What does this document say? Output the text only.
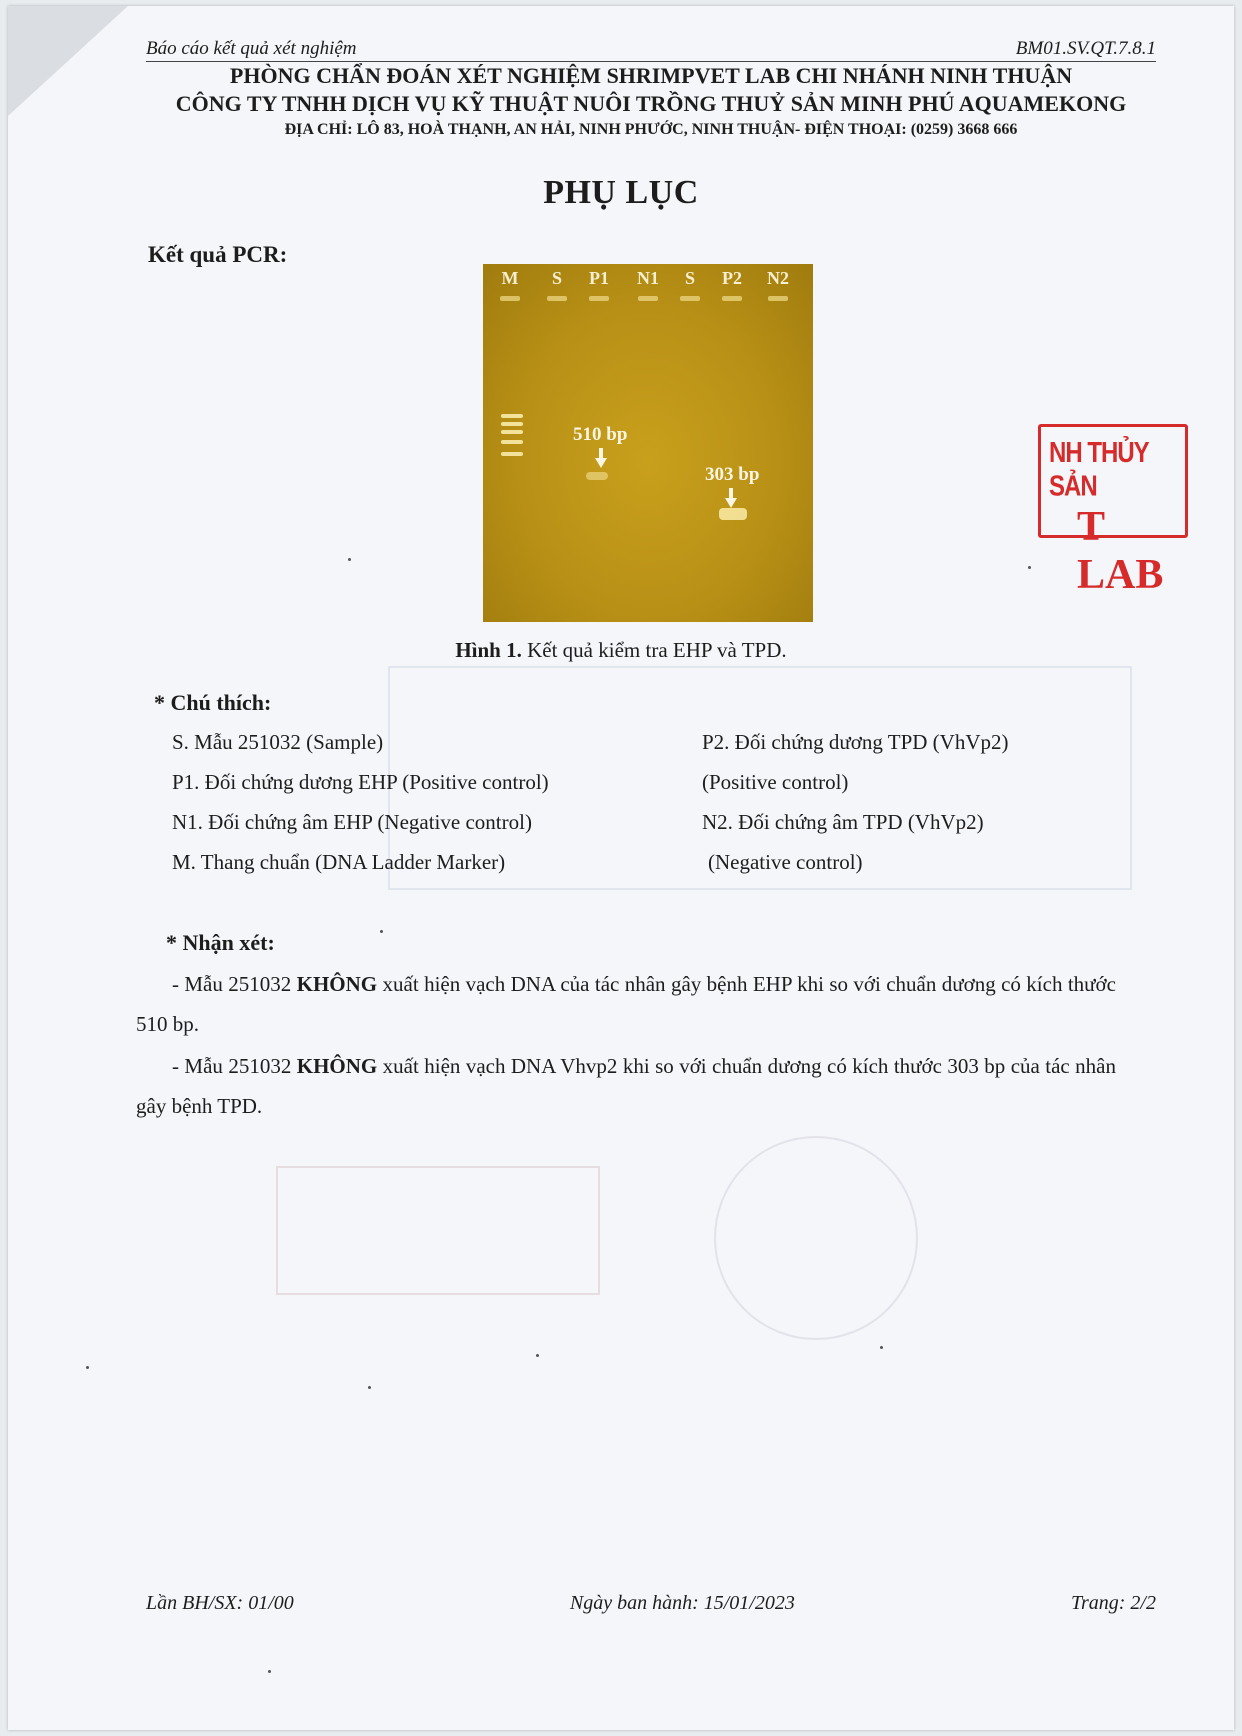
Báo cáo kết quả xét nghiệm	BM01.SV.QT.7.8.1
PHÒNG CHẨN ĐOÁN XÉT NGHIỆM SHRIMPVET LAB CHI NHÁNH NINH THUẬN
CÔNG TY TNHH DỊCH VỤ KỸ THUẬT NUÔI TRỒNG THUỶ SẢN MINH PHÚ AQUAMEKONG
ĐỊA CHỈ: LÔ 83, HOÀ THẠNH, AN HẢI, NINH PHƯỚC, NINH THUẬN- ĐIỆN THOẠI: (0259) 3668 666
PHỤ LỤC
Kết quả PCR:
M	S	P1 N1	S	P2 N2
510 bp
303 bp
Hình 1. Kết quả kiểm tra EHP và TPD.
* Chú thích:
S. Mẫu 251032 (Sample)
P1. Đối chứng dương EHP (Positive control)
N1. Đối chứng âm EHP (Negative control)
M. Thang chuẩn (DNA Ladder Marker)
P2. Đối chứng dương TPD (VhVp2)
(Positive control)
N2. Đối chứng âm TPD (VhVp2)
(Negative control)
* Nhận xét:
- Mẫu 251032 KHÔNG xuất hiện vạch DNA của tác nhân gây bệnh EHP khi so với chuẩn dương có kích thước 510 bp.
- Mẫu 251032 KHÔNG xuất hiện vạch DNA Vhvp2 khi so với chuẩn dương có kích thước 303 bp của tác nhân gây bệnh TPD.
NH THỦY SẢN
T LAB
Lần BH/SX: 01/00	Ngày ban hành: 15/01/2023	Trang: 2/2
